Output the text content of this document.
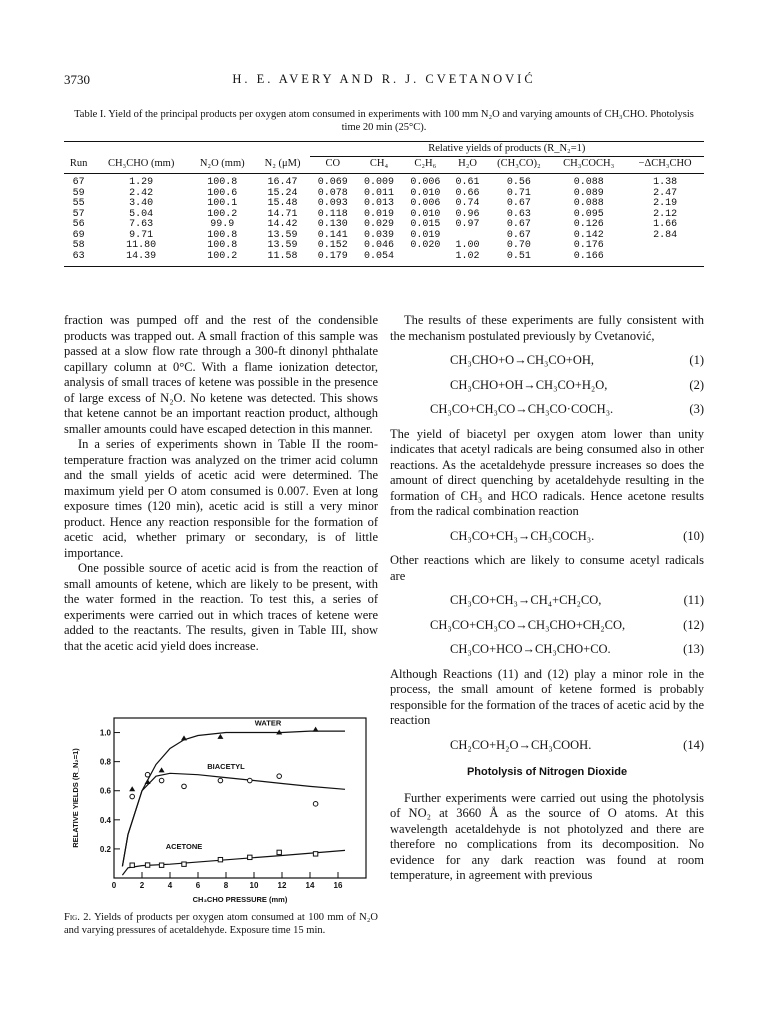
3730	H. E. AVERY AND R. J. CVETANOVIĆ
Table I. Yield of the principal products per oxygen atom consumed in experiments with 100 mm N₂O and varying amounts of CH₃CHO. Photolysis time 20 min (25°C).
				Relative yields of products (R_N₂=1)						
Run	CH₃CHO (mm)	N₂O (mm)	N₂ (μM)	CO	CH₄	C₂H₆	H₂O	(CH₃CO)₂	CH₃COCH₃	−ΔCH₃CHO
67	1.29	100.8	16.47	0.069	0.009	0.006	0.61	0.56	0.088	1.38
59	2.42	100.6	15.24	0.078	0.011	0.010	0.66	0.71	0.089	2.47
55	3.40	100.1	15.48	0.093	0.013	0.006	0.74	0.67	0.088	2.19
57	5.04	100.2	14.71	0.118	0.019	0.010	0.96	0.63	0.095	2.12
56	7.63	99.9	14.42	0.130	0.029	0.015	0.97	0.67	0.126	1.66
69	9.71	100.8	13.59	0.141	0.039	0.019		0.67	0.142	2.84
58	11.80	100.8	13.59	0.152	0.046	0.020	1.00	0.70	0.176	
63	14.39	100.2	11.58	0.179	0.054		1.02	0.51	0.166	

fraction was pumped off and the rest of the condensible products was trapped out. A small fraction of this sample was passed at a slow flow rate through a 300-ft dinonyl phthalate capillary column at 0°C. With a flame ionization detector, analysis of small traces of ketene was possible in the presence of large excess of N₂O. No ketene was detected. This shows that ketene cannot be an important reaction product, although smaller amounts could have escaped detection in this manner.

In a series of experiments shown in Table II the room-temperature fraction was analyzed on the trimer acid column and the small yields of acetic acid were determined. The maximum yield per O atom consumed is 0.007. Even at long exposure times (120 min), acetic acid is still a very minor product. Hence any reaction responsible for the formation of acetic acid, whether primary or secondary, is of little importance.

One possible source of acetic acid is from the reaction of small amounts of ketene, which are likely to be present, with the water formed in the reaction. To test this, a series of experiments were carried out in which traces of ketene were added to the reactants. The results, given in Table III, show that the acetic acid yield does increase.

0	2	4	6	8	10 12 14 16
0.2
0.4
0.6
0.8
1.0
CH₃CHO PRESSURE (mm)
RELATIVE YIELDS (R_N₂=1)
WATER
BIACETYL
ACETONE
Fig. 2. Yields of products per oxygen atom consumed at 100 mm of N₂O and varying pressures of acetaldehyde. Exposure time 15 min.

The results of these experiments are fully consistent with the mechanism postulated previously by Cvetanović,

CH₃CHO+O→CH₃CO+OH,	(1)
CH₃CHO+OH→CH₃CO+H₂O,	(2)
CH₃CO+CH₃CO→CH₃CO·COCH₃.	(3)

The yield of biacetyl per oxygen atom lower than unity indicates that acetyl radicals are being consumed also in other reactions. As the acetaldehyde pressure increases so does the amount of direct quenching by acetaldehyde resulting in the formation of CH₃ and HCO radicals. Hence acetone results from the radical combination reaction

CH₃CO+CH₃→CH₃COCH₃.	(10)

Other reactions which are likely to consume acetyl radicals are

CH₃CO+CH₃→CH₄+CH₂CO,	(11)
CH₃CO+CH₃CO→CH₃CHO+CH₂CO,	(12)
CH₃CO+HCO→CH₃CHO+CO.	(13)

Although Reactions (11) and (12) play a minor role in the process, the small amount of ketene formed is probably responsible for the formation of the traces of acetic acid by the reaction

CH₂CO+H₂O→CH₃COOH.	(14)
Photolysis of Nitrogen Dioxide

Further experiments were carried out using the photolysis of NO₂ at 3660 Å as the source of O atoms. At this wavelength acetaldehyde is not photolyzed and there are therefore no complications from its decomposition. No evidence for any dark reaction was found at room temperature, in agreement with previous
